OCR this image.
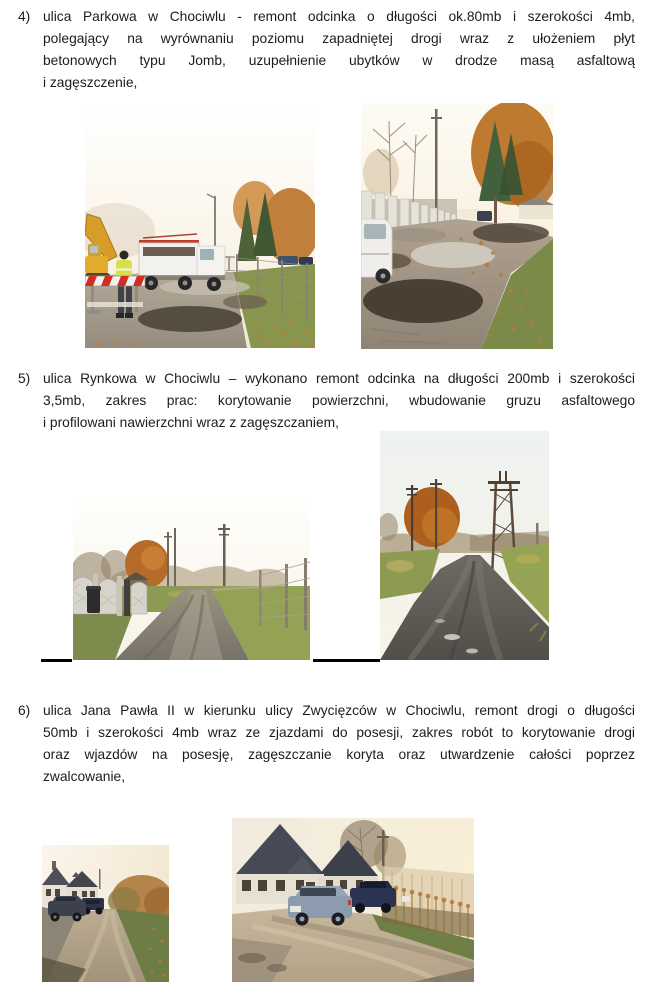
4) ulica Parkowa w Chociwlu - remont odcinka o długości ok.80mb i szerokości 4mb,
polegający na wyrównaniu poziomu zapadniętej drogi wraz z ułożeniem płyt
betonowych typu Jomb, uzupełnienie ubytków w drodze masą asfaltową
i zagęszczenie,
5) ulica Rynkowa w Chociwlu – wykonano remont odcinka na długości 200mb i szerokości
3,5mb, zakres prac: korytowanie powierzchni, wbudowanie gruzu asfaltowego
i profilowani nawierzchni wraz z zagęszczaniem,
6) ulica Jana Pawła II w kierunku ulicy Zwycięzców w Chociwlu, remont drogi o długości
50mb i szerokości 4mb wraz ze zjazdami do posesji, zakres robót to korytowanie drogi
oraz wjazdów na posesję, zagęszczanie koryta oraz utwardzenie całości poprzez
zwalcowanie,
